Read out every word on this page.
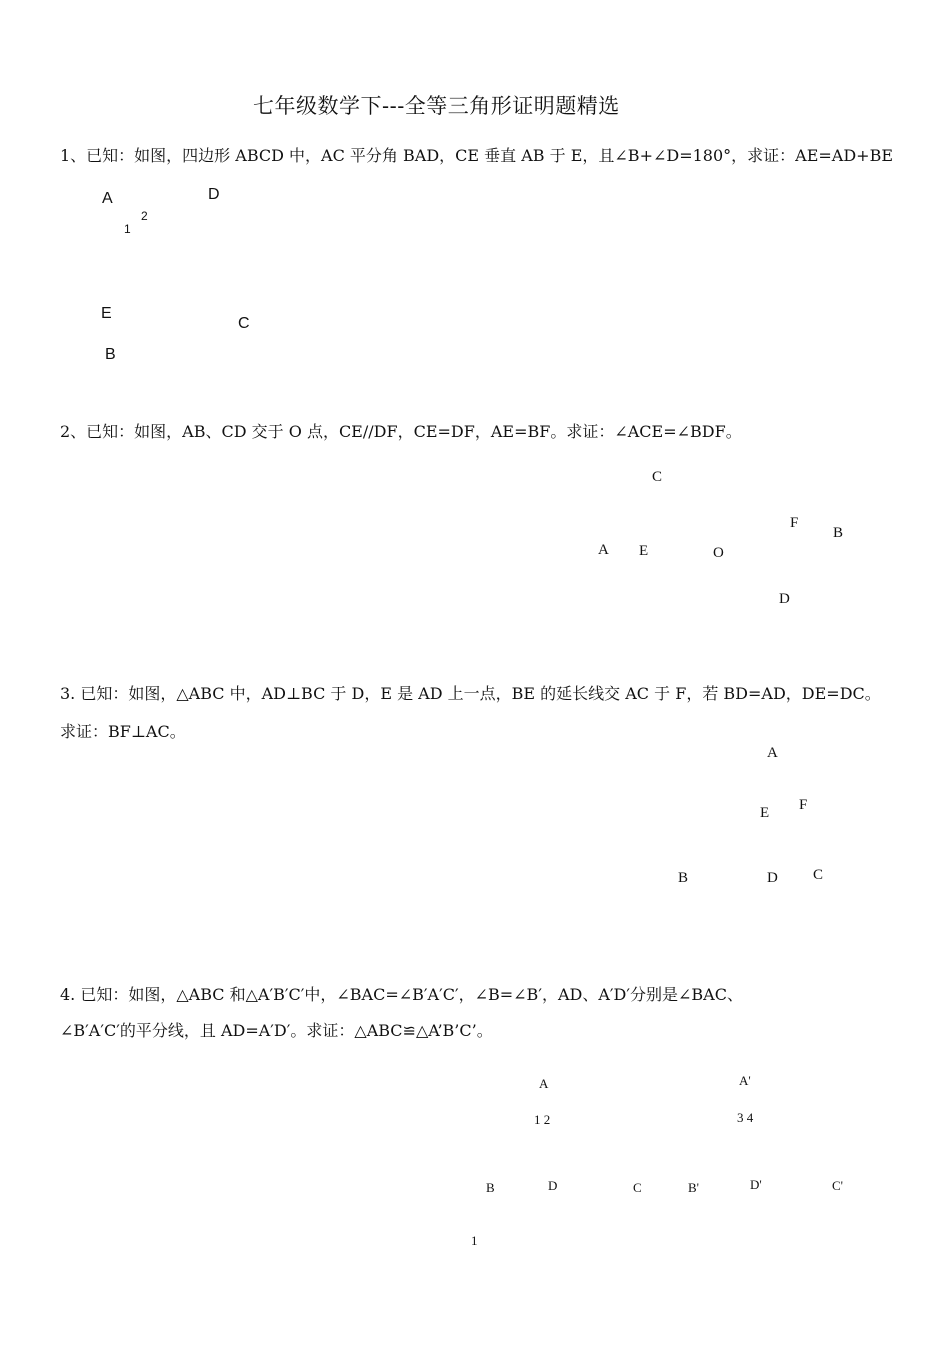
七年级数学下---全等三角形证明题精选
1、已知：如图，四边形 ABCD 中，AC 平分角 BAD，CE 垂直 AB 于 E，且∠B+∠D=180°，求证：AE=AD+BE
A	D
1
2
E
C
B
2、已知：如图，AB、CD 交于 O 点，CE//DF，CE=DF，AE=BF。求证：∠ACE=∠BDF。
C
F
B
A E	O
D
3. 已知：如图，△ABC 中，AD⊥BC 于 D，E 是 AD 上一点，BE 的延长线交 AC 于 F，若 BD=AD，DE=DC。
求证：BF⊥AC。
A
E F
B	D C
4. 已知：如图，△ABC 和△A′B′C′中，∠BAC=∠B′A′C′，∠B=∠B′，AD、A′D′分别是∠BAC、
∠B′A′C′的平分线，且 AD=A′D′。求证：△ABC≌△A’B’C’。
A	A'
1 2	3 4
B	D	C	B'	D'	C'
1
